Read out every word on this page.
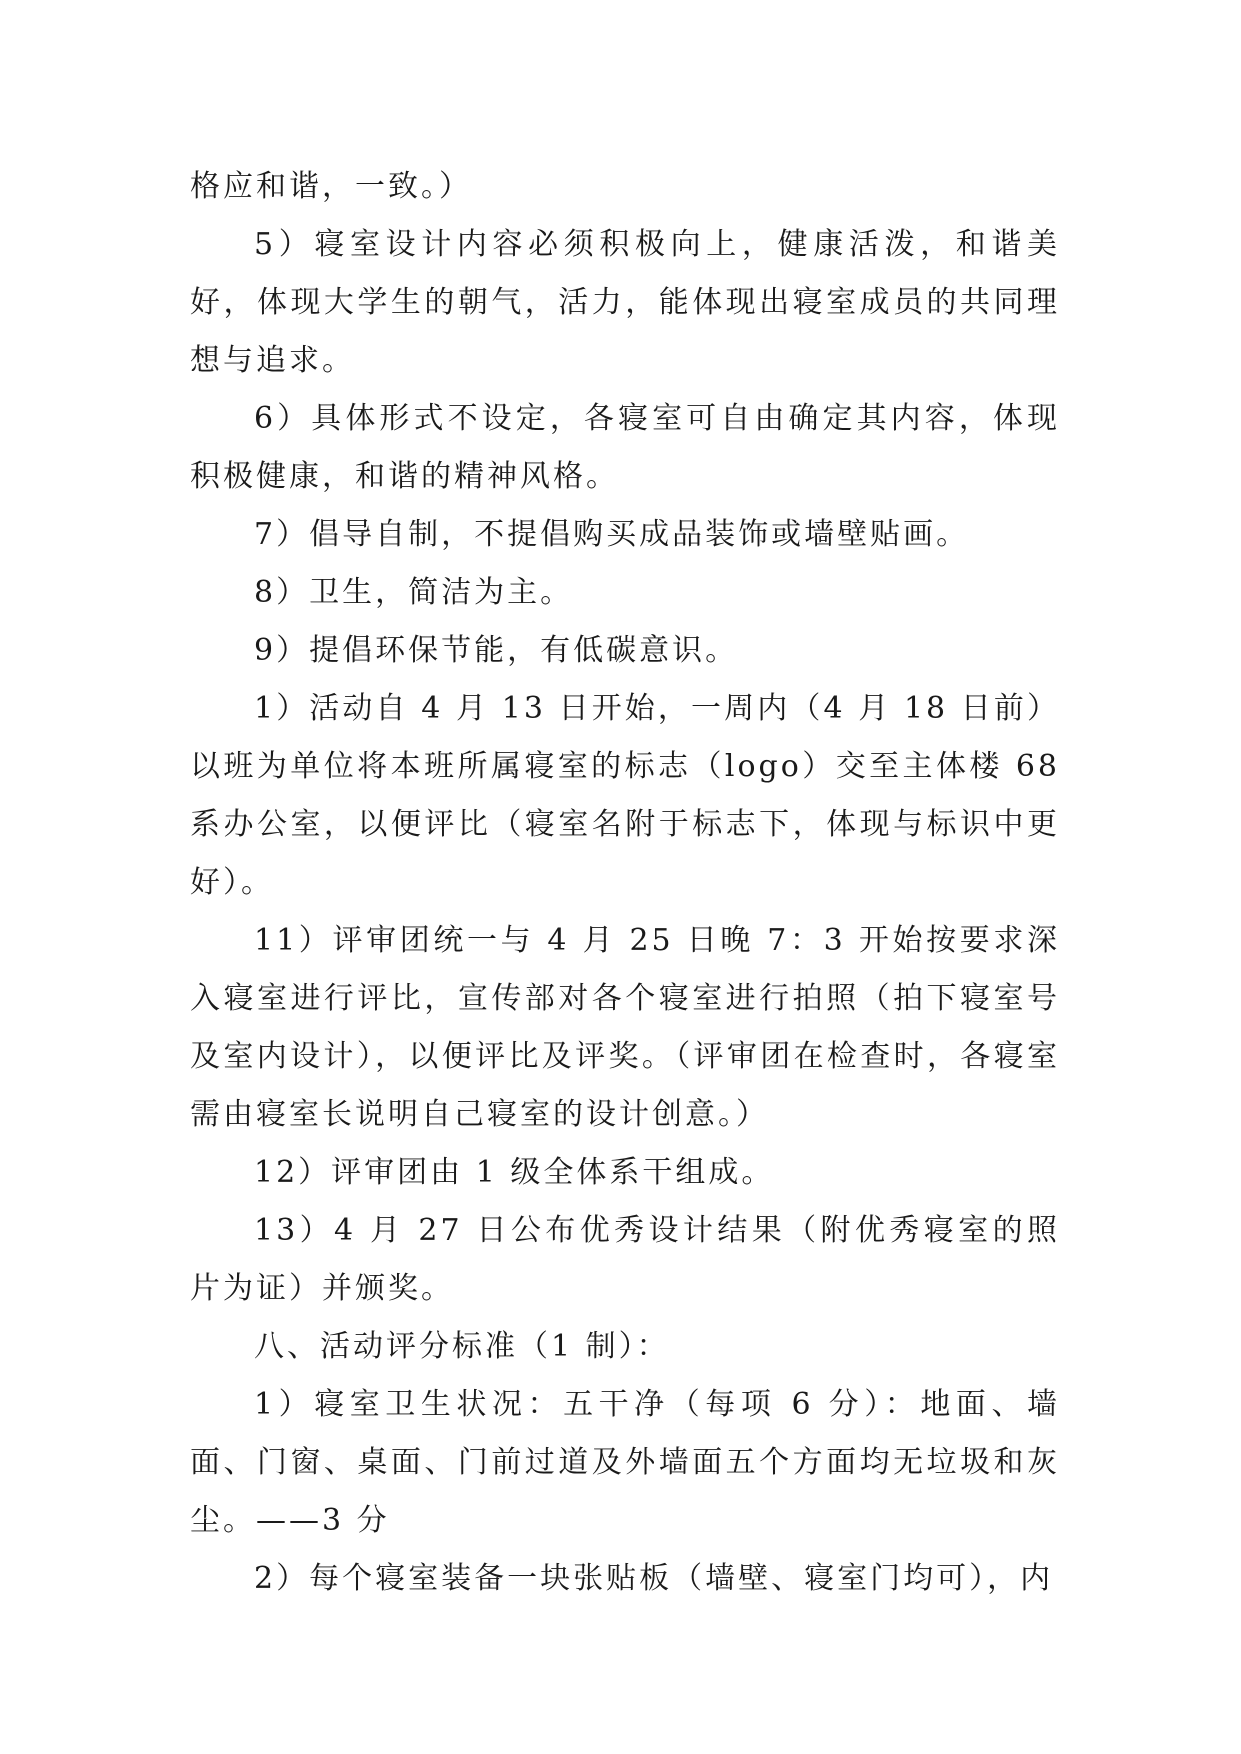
格应和谐，一致。）

5）寝室设计内容必须积极向上，健康活泼，和谐美好，体现大学生的朝气，活力，能体现出寝室成员的共同理想与追求。

6）具体形式不设定，各寝室可自由确定其内容，体现积极健康，和谐的精神风格。

7）倡导自制，不提倡购买成品装饰或墙壁贴画。

8）卫生，简洁为主。

9）提倡环保节能，有低碳意识。

1）活动自 4 月 13 日开始，一周内（4 月 18 日前）以班为单位将本班所属寝室的标志（logo）交至主体楼 68 系办公室，以便评比（寝室名附于标志下，体现与标识中更好）。

11）评审团统一与 4 月 25 日晚 7：3 开始按要求深入寝室进行评比，宣传部对各个寝室进行拍照（拍下寝室号及室内设计），以便评比及评奖。（评审团在检查时，各寝室需由寝室长说明自己寝室的设计创意。）

12）评审团由 1 级全体系干组成。

13）4 月 27 日公布优秀设计结果（附优秀寝室的照片为证）并颁奖。

八、活动评分标准（1 制）：

1）寝室卫生状况：五干净（每项 6 分）：地面、墙面、门窗、桌面、门前过道及外墙面五个方面均无垃圾和灰尘。——3 分

2）每个寝室装备一块张贴板（墙壁、寝室门均可），内
